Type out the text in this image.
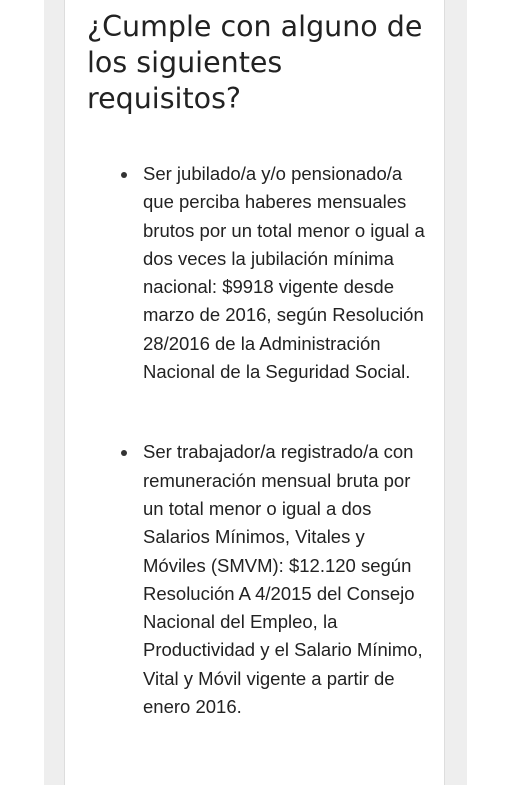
¿Cumple con alguno de los siguientes requisitos?
Ser jubilado/a y/o pensionado/a que perciba haberes mensuales brutos por un total menor o igual a dos veces la jubilación mínima nacional: $9918 vigente desde marzo de 2016, según Resolución 28/2016 de la Administración Nacional de la Seguridad Social.
Ser trabajador/a registrado/a con remuneración mensual bruta por un total menor o igual a dos Salarios Mínimos, Vitales y Móviles (SMVM): $12.120 según Resolución A 4/2015 del Consejo Nacional del Empleo, la Productividad y el Salario Mínimo, Vital y Móvil vigente a partir de enero 2016.
